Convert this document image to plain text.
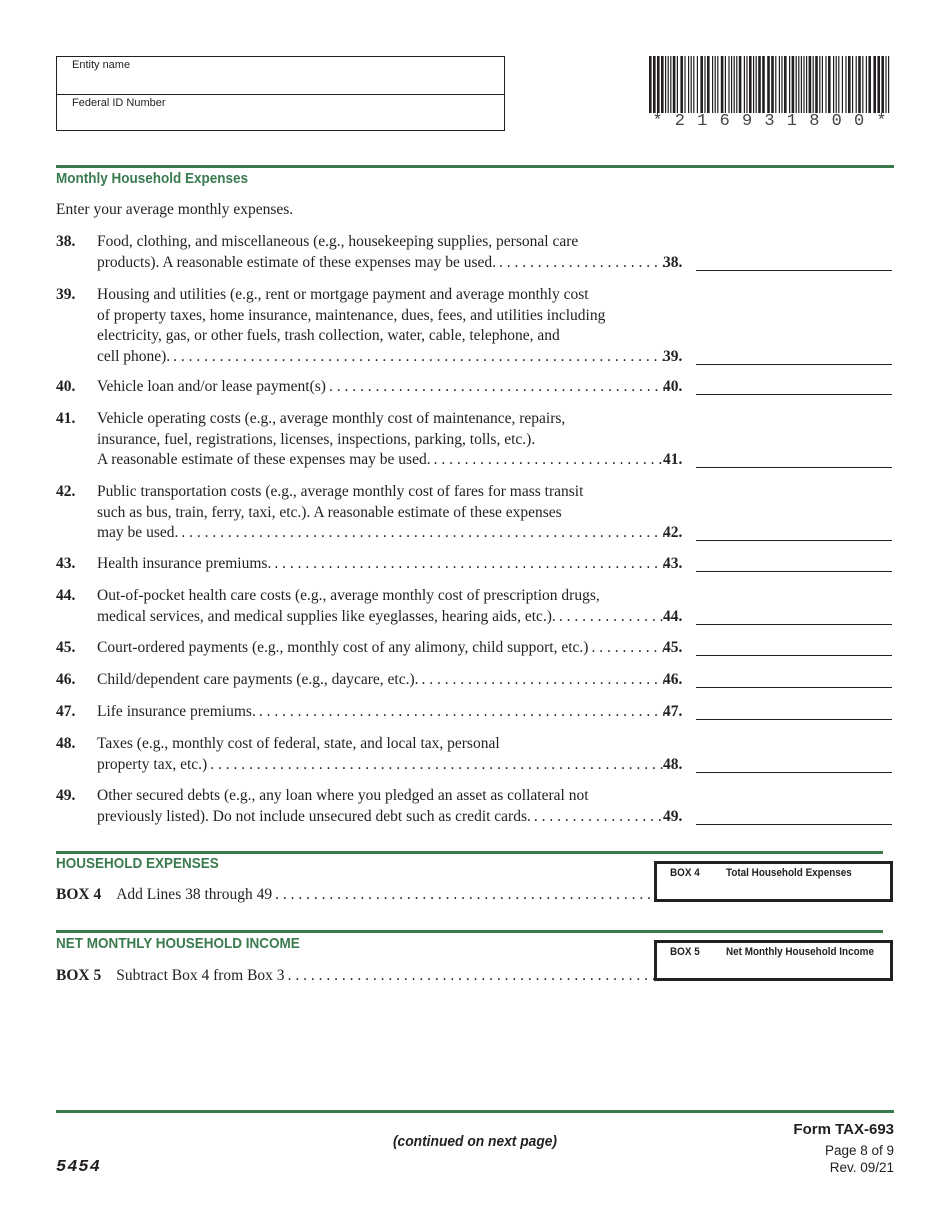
Entity name
Federal ID Number
* 2 1 6 9 3 1 8 0 0 *
Monthly Household Expenses
Enter your average monthly expenses.
38. Food, clothing, and miscellaneous (e.g., housekeeping supplies, personal care
products). A reasonable estimate of these expenses may be used. . . .	38.
39. Housing and utilities (e.g., rent or mortgage payment and average monthly cost
of property taxes, home insurance, maintenance, dues, fees, and utilities including
electricity, gas, or other fuels, trash collection, water, cable, telephone, and
cell phone). . . .	39.
40. Vehicle loan and/or lease payment(s) . . .	40.
41. Vehicle operating costs (e.g., average monthly cost of maintenance, repairs,
insurance, fuel, registrations, licenses, inspections, parking, tolls, etc.).
A reasonable estimate of these expenses may be used. . . .	41.
42. Public transportation costs (e.g., average monthly cost of fares for mass transit
such as bus, train, ferry, taxi, etc.). A reasonable estimate of these expenses
may be used. . . .	42.
43. Health insurance premiums. . . .	43.
44. Out-of-pocket health care costs (e.g., average monthly cost of prescription drugs,
medical services, and medical supplies like eyeglasses, hearing aids, etc.). . . .	44.
45. Court-ordered payments (e.g., monthly cost of any alimony, child support, etc.) . . .	45.
46. Child/dependent care payments (e.g., daycare, etc.). . . .	46.
47. Life insurance premiums. . . .	47.
48. Taxes (e.g., monthly cost of federal, state, and local tax, personal
property tax, etc.) . . .	48.
49. Other secured debts (e.g., any loan where you pledged an asset as collateral not
previously listed). Do not include unsecured debt such as credit cards. . . .	49.
HOUSEHOLD EXPENSES
BOX 4 Add Lines 38 through 49
. . .
BOX 4 Total Household Expenses
NET MONTHLY HOUSEHOLD INCOME
BOX 5 Subtract Box 4 from Box 3
. . .
BOX 5 Net Monthly Household Income
(continued on next page)
5454
Form TAX-693
Page 8 of 9
Rev. 09/21
